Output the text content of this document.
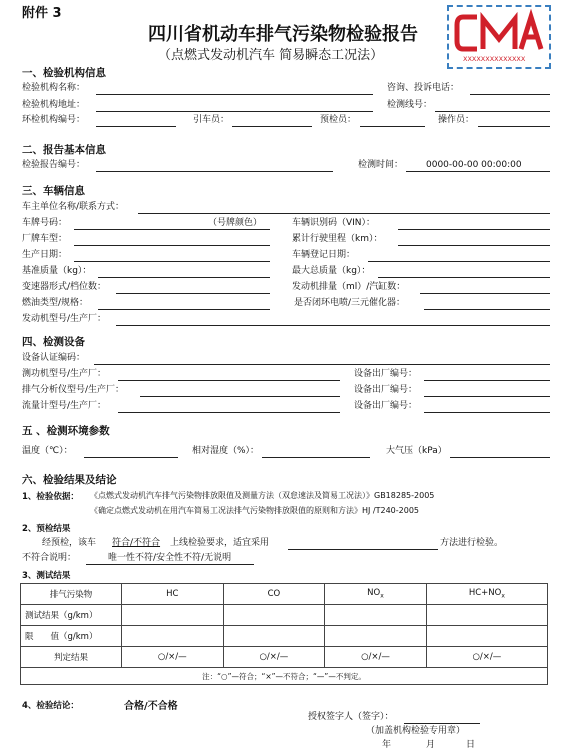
附件 3
四川省机动车排气污染物检验报告
（点燃式发动机汽车 简易瞬态工况法）	XXXXXXXXXXXXXX
一、检验机构信息
检验机构名称：	咨询、投诉电话：
检验机构地址：	检测线号：
环检机构编号：	引车员：	预检员：	操作员：
二、报告基本信息
检验报告编号：	检测时间：	0000-00-00 00:00:00
三、车辆信息
车主单位名称/联系方式：
车牌号码：	（号牌颜色）	车辆识别码（VIN）：
厂牌车型：	累计行驶里程（km）：
生产日期：	车辆登记日期：
基准质量（kg）：	最大总质量（kg）：
变速器形式/档位数：	发动机排量（ml）/汽缸数：
燃油类型/规格：	是否闭环电喷/三元催化器：
发动机型号/生产厂：
四、检测设备
设备认证编码：
测功机型号/生产厂：	设备出厂编号：
排气分析仪型号/生产厂：	设备出厂编号：
流量计型号/生产厂：	设备出厂编号：
五 、检测环境参数
温度（℃）：	相对湿度（%）：	大气压（kPa）
六、检验结果及结论
1、检验依据： 《点燃式发动机汽车排气污染物排放限值及测量方法（双怠速法及简易工况法）》GB18285-2005
《确定点燃式发动机在用汽车简易工况法排气污染物排放限值的原则和方法》HJ /T240-2005
2、预检结果
经预检，该车 符合/不符合 上线检验要求，适宜采用	方法进行检验。
不符合说明：	唯一性不符/安全性不符/无说明
3、测试结果
排气污染物	HC	CO	$NO_x$	$HC+NO_x$
测试结果（g/km）				
限　　值（g/km）				
判定结果	○/×/—	○/×/—	○/×/—	○/×/—
注：“○”—符合；“×”—不符合；“—”—不判定。				
4、检验结论：	合格/不合格
授权签字人（签字）：
（加盖机构检验专用章）
年	月	日
